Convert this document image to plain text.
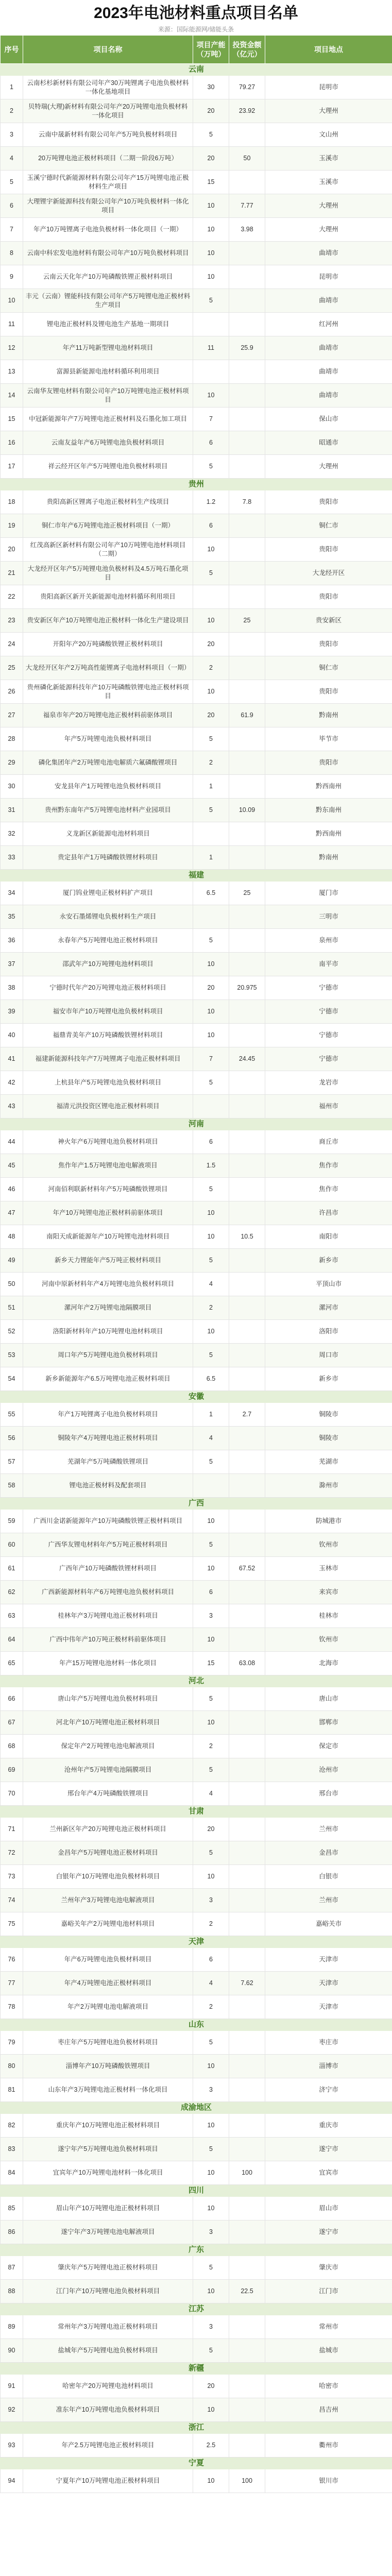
2023年电池材料重点项目名单
来源：国际能源网/储能头条
序号	项目名称	项目产能（万吨）	投资金额（亿元）	项目地点
云南				
1	云南杉杉新材料有限公司年产30万吨锂离子电池负极材料一体化基地项目	30	79.27	昆明市
2	贝特瑞(大理)新材料有限公司年产20万吨锂电池负极材料一体化项目	20	23.92	大理州
3	云南中晟新材料有限公司年产5万吨负极材料项目	5		文山州
4	20万吨锂电池正极材料项目（二期一阶段6万吨）	20	50	玉溪市
5	玉溪宁德时代新能源材料有限公司年产15万吨锂电池正极材料生产项目	15		玉溪市
6	大理锂宇新能源科技有限公司年产10万吨负极材料一体化项目	10	7.77	大理州
7	年产10万吨锂离子电池负极材料一体化项目（一期）	10	3.98	大理州
8	云南中科宏发电池材料有限公司年产10万吨负极材料项目	10		曲靖市
9	云南云天化年产10万吨磷酸铁锂正极材料项目	10		昆明市
10	丰元（云南）锂能科技有限公司年产5万吨锂电池正极材料生产项目	5		曲靖市
11	锂电池正极材料及锂电池生产基地一期项目			红河州
12	年产11万吨新型锂电池材料项目	11	25.9	曲靖市
13	富源县新能源电池材料循环利用项目			曲靖市
14	云南华友锂电材料有限公司年产10万吨锂电池正极材料项目	10		曲靖市
15	中冠新能源年产7万吨锂电池正极材料及石墨化加工项目	7		保山市
16	云南友益年产6万吨锂电池负极材料项目	6		昭通市
17	祥云经开区年产5万吨锂电池负极材料项目	5		大理州
贵州				
18	贵阳高新区锂离子电池正极材料生产线项目	1.2	7.8	贵阳市
19	铜仁市年产6万吨锂电池正极材料项目（一期）	6		铜仁市
20	红茂高新区新材料有限公司年产10万吨锂电池材料项目（二期）	10		贵阳市
21	大龙经开区年产5万吨锂电池负极材料及4.5万吨石墨化项目	5		大龙经开区
22	贵阳高新区新开关新能源电池材料循环利用项目			贵阳市
23	贵安新区年产10万吨锂电池正极材料一体化生产建设项目	10	25	贵安新区
24	开阳年产20万吨磷酸铁锂正极材料项目	20		贵阳市
25	大龙经开区年产2万吨高性能锂离子电池材料项目（一期）	2		铜仁市
26	贵州磷化新能源科技年产10万吨磷酸铁锂电池正极材料项目	10		贵阳市
27	福泉市年产20万吨锂电池正极材料前驱体项目	20	61.9	黔南州
28	年产5万吨锂电池负极材料项目	5		毕节市
29	磷化集团年产2万吨锂电池电解质六氟磷酸锂项目	2		贵阳市
30	安龙县年产1万吨锂电池负极材料项目	1		黔西南州
31	贵州黔东南年产5万吨锂电池材料产业园项目	5	10.09	黔东南州
32	义龙新区新能源电池材料项目			黔西南州
33	贵定县年产1万吨磷酸铁锂材料项目	1		黔南州
福建				
34	厦门钨业锂电正极材料扩产项目	6.5	25	厦门市
35	永安石墨烯锂电负极材料生产项目			三明市
36	永春年产5万吨锂电池正极材料项目	5		泉州市
37	邵武年产10万吨锂电池材料项目	10		南平市
38	宁德时代年产20万吨锂电池正极材料项目	20	20.975	宁德市
39	福安市年产10万吨锂电池负极材料项目	10		宁德市
40	福鼎青美年产10万吨磷酸铁锂材料项目	10		宁德市
41	福建新能源科技年产7万吨锂离子电池正极材料项目	7	24.45	宁德市
42	上杭县年产5万吨锂电池负极材料项目	5		龙岩市
43	福清元洪投资区锂电池正极材料项目			福州市
河南				
44	神火年产6万吨锂电池负极材料项目	6		商丘市
45	焦作年产1.5万吨锂电池电解液项目	1.5		焦作市
46	河南佰利联新材料年产5万吨磷酸铁锂项目	5		焦作市
47	年产10万吨锂电池正极材料前驱体项目	10		许昌市
48	南阳天成新能源年产10万吨锂电池材料项目	10	10.5	南阳市
49	新乡天力锂能年产5万吨正极材料项目	5		新乡市
50	河南中原新材料年产4万吨锂电池负极材料项目	4		平顶山市
51	漯河年产2万吨锂电池隔膜项目	2		漯河市
52	洛阳新材料年产10万吨锂电池材料项目	10		洛阳市
53	周口年产5万吨锂电池负极材料项目	5		周口市
54	新乡新能源年产6.5万吨锂电池正极材料项目	6.5		新乡市
安徽				
55	年产1万吨锂离子电池负极材料项目	1	2.7	铜陵市
56	铜陵年产4万吨锂电池正极材料项目	4		铜陵市
57	芜湖年产5万吨磷酸铁锂项目	5		芜湖市
58	锂电池正极材料及配套项目			滁州市
广西				
59	广西川金诺新能源年产10万吨磷酸铁锂正极材料项目	10		防城港市
60	广西华友锂电材料年产5万吨正极材料项目	5		钦州市
61	广西年产10万吨磷酸铁锂材料项目	10	67.52	玉林市
62	广西新能源材料年产6万吨锂电池负极材料项目	6		来宾市
63	桂林年产3万吨锂电池正极材料项目	3		桂林市
64	广西中伟年产10万吨正极材料前驱体项目	10		钦州市
65	年产15万吨锂电池材料一体化项目	15	63.08	北海市
河北				
66	唐山年产5万吨锂电池负极材料项目	5		唐山市
67	河北年产10万吨锂电池正极材料项目	10		邯郸市
68	保定年产2万吨锂电池电解液项目	2		保定市
69	沧州年产5万吨锂电池隔膜项目	5		沧州市
70	邢台年产4万吨磷酸铁锂项目	4		邢台市
甘肃				
71	兰州新区年产20万吨锂电池正极材料项目	20		兰州市
72	金昌年产5万吨锂电池正极材料项目	5		金昌市
73	白银年产10万吨锂电池负极材料项目	10		白银市
74	兰州年产3万吨锂电池电解液项目	3		兰州市
75	嘉峪关年产2万吨锂电池材料项目	2		嘉峪关市
天津				
76	年产6万吨锂电池负极材料项目	6		天津市
77	年产4万吨锂电池正极材料项目	4	7.62	天津市
78	年产2万吨锂电池电解液项目	2		天津市
山东				
79	枣庄年产5万吨锂电池负极材料项目	5		枣庄市
80	淄博年产10万吨磷酸铁锂项目	10		淄博市
81	山东年产3万吨锂电池正极材料一体化项目	3		济宁市
成渝地区				
82	重庆年产10万吨锂电池正极材料项目	10		重庆市
83	遂宁年产5万吨锂电池负极材料项目	5		遂宁市
84	宜宾年产10万吨锂电池材料一体化项目	10	100	宜宾市
四川				
85	眉山年产10万吨锂电池正极材料项目	10		眉山市
86	遂宁年产3万吨锂电池电解液项目	3		遂宁市
广东				
87	肇庆年产5万吨锂电池正极材料项目	5		肇庆市
88	江门年产10万吨锂电池负极材料项目	10	22.5	江门市
江苏				
89	常州年产3万吨锂电池正极材料项目	3		常州市
90	盐城年产5万吨锂电池负极材料项目	5		盐城市
新疆				
91	哈密年产20万吨锂电池材料项目	20		哈密市
92	准东年产10万吨锂电池负极材料项目	10		昌吉州
浙江				
93	年产2.5万吨锂电池正极材料项目	2.5		衢州市
宁夏				
94	宁夏年产10万吨锂电池正极材料项目	10	100	银川市
